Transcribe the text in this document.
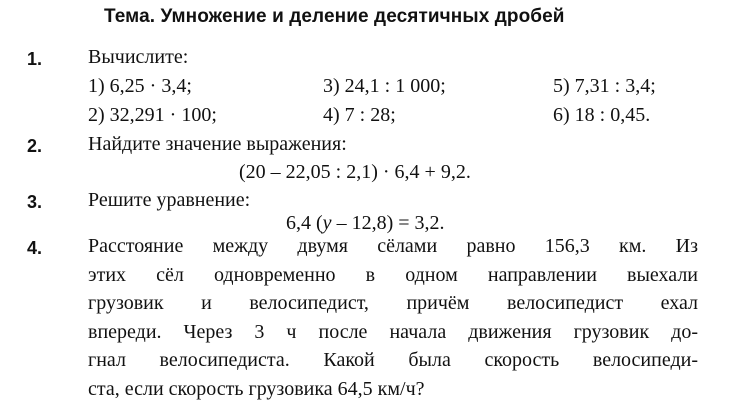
Тема. Умножение и деление десятичных дробей
1. Вычислите:
1) 6,25 · 3,4;	3) 24,1 : 1 000;	5) 7,31 : 3,4;
2) 32,291 · 100;	4) 7 : 28;	6) 18 : 0,45.
2. Найдите значение выражения:
(20 – 22,05 : 2,1) · 6,4 + 9,2.
3. Решите уравнение:
6,4 (y – 12,8) = 3,2.
4. Расстояние между двумя сёлами равно 156,3 км. Из
этих сёл одновременно в одном направлении выехали
грузовик и велосипедист, причём велосипедист ехал
впереди. Через 3 ч после начала движения грузовик до-
гнал велосипедиста. Какой была скорость велосипеди-
ста, если скорость грузовика 64,5 км/ч?
